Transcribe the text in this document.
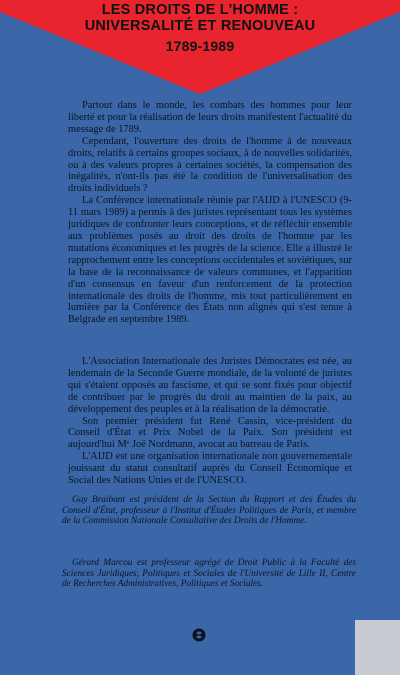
LES DROITS DE L'HOMME :
UNIVERSALITÉ ET RENOUVEAU
1789-1989

Partout dans le monde, les combats des hommes pour leur liberté et pour la réalisation de leurs droits manifestent l'actualité du message de 1789.

Cependant, l'ouverture des droits de l'homme à de nouveaux droits, relatifs à certains groupes sociaux, à de nouvelles solidarités, ou à des valeurs propres à certaines sociétés, la compensation des inégalités, n'ont-ils pas été la condition de l'universalisation des droits individuels ?

La Conférence internationale réunie par l'AIJD à l'UNESCO (9-11 mars 1989) a permis à des juristes représentant tous les systèmes juridiques de confronter leurs conceptions, et de réfléchir ensemble aux problèmes posés au droit des droits de l'homme par les mutations économiques et les progrès de la science. Elle a illustré le rapprochement entre les conceptions occidentales et soviétiques, sur la base de la reconnaissance de valeurs communes, et l'apparition d'un consensus en faveur d'un renforcement de la protection internationale des droits de l'homme, mis tout particulièrement en lumière par la Conférence des États non alignés qui s'est tenue à Belgrade en septembre 1989.

L'Association Internationale des Juristes Démocrates est née, au lendemain de la Seconde Guerre mondiale, de la volonté de juristes qui s'étaient opposés au fascisme, et qui se sont fixés pour objectif de contribuer par le progrès du droit au maintien de la paix, au développement des peuples et à la réalisation de la démocratie.

Son premier président fut René Cassin, vice-président du Conseil d'État et Prix Nobel de la Paix. Son président est aujourd'hui Mᵉ Joë Nordmann, avocat au barreau de Paris.

L'AIJD est une organisation internationale non gouvernementale jouissant du statut consultatif auprès du Conseil Économique et Social des Nations Unies et de l'UNESCO.

Guy Braibant est président de la Section du Rapport et des Études du Conseil d'État, professeur à l'Institut d'Études Politiques de Paris, et membre de la Commission Nationale Consultative des Droits de l'Homme.
Gérard Marcou est professeur agrégé de Droit Public à la Faculté des Sciences Juridiques, Politiques et Sociales de l'Université de Lille II, Centre de Recherches Administratives, Politiques et Sociales.
